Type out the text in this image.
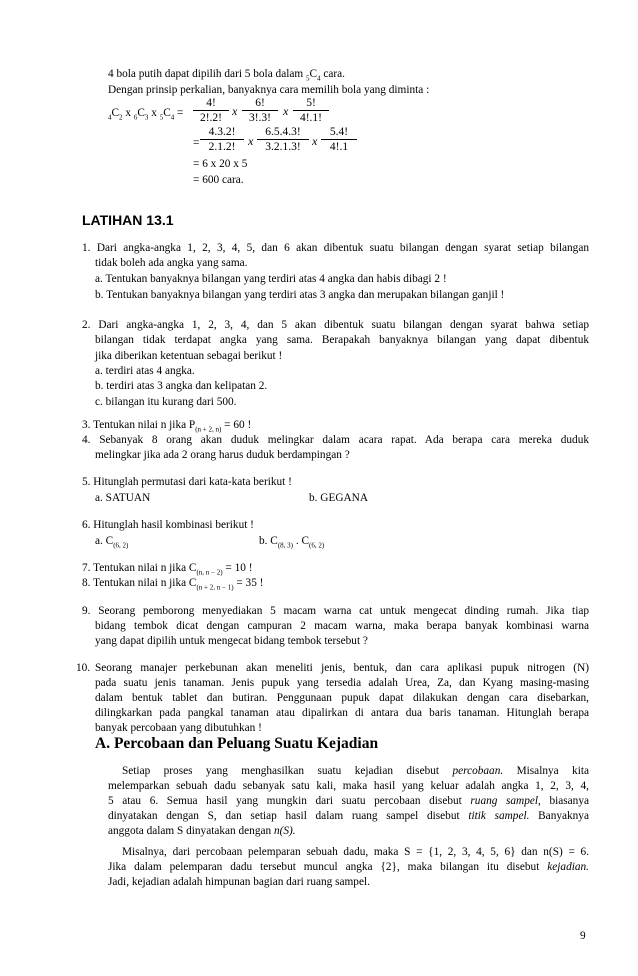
4 bola putih dapat dipilih dari 5 bola dalam $_5C_4$ cara.
Dengan prinsip perkalian, banyaknya cara memilih bola yang diminta :
$_4C_2$ x $_6C_3$ x $_5C_4 = \frac{4!}{2!.2!}$ x $\frac{6!}{3!.3!}$ x $\frac{5!}{4!.1!}$
= $\frac{4.3.2!}{2.1.2!}$ x $\frac{6.5.4.3!}{3.2.1.3!}$ x $\frac{5.4!}{4!.1}$
= 6 x 20 x 5
= 600 cara.
LATIHAN 13.1
1. Dari angka-angka 1, 2, 3, 4, 5, dan 6 akan dibentuk suatu bilangan dengan syarat setiap bilangan
tidak boleh ada angka yang sama.
a. Tentukan banyaknya bilangan yang terdiri atas 4 angka dan habis dibagi 2 !
b. Tentukan banyaknya bilangan yang terdiri atas 3 angka dan merupakan bilangan ganjil !
2. Dari angka-angka 1, 2, 3, 4, dan 5 akan dibentuk suatu bilangan dengan syarat bahwa setiap
bilangan tidak terdapat angka yang sama. Berapakah banyaknya bilangan yang dapat dibentuk
jika diberikan ketentuan sebagai berikut !
a. terdiri atas 4 angka.
b. terdiri atas 3 angka dan kelipatan 2.
c. bilangan itu kurang dari 500.
3. Tentukan nilai n jika $P_{(n + 2, n)} = 60$ !
4. Sebanyak 8 orang akan duduk melingkar dalam acara rapat. Ada berapa cara mereka duduk
melingkar jika ada 2 orang harus duduk berdampingan ?
5. Hitunglah permutasi dari kata-kata berikut !
a. SATUAN	b. GEGANA
6. Hitunglah hasil kombinasi berikut !
a. $C_{(6, 2)}$	b. $C_{(8, 3)}$ . $C_{(6, 2)}$
7. Tentukan nilai n jika $C_{(n, n - 2)} = 10$ !
8. Tentukan nilai n jika $C_{(n + 2, n - 1)} = 35$ !
9. Seorang pemborong menyediakan 5 macam warna cat untuk mengecat dinding rumah. Jika tiap
bidang tembok dicat dengan campuran 2 macam warna, maka berapa banyak kombinasi warna
yang dapat dipilih untuk mengecat bidang tembok tersebut ?
10. Seorang manajer perkebunan akan meneliti jenis, bentuk, dan cara aplikasi pupuk nitrogen (N)
pada suatu jenis tanaman. Jenis pupuk yang tersedia adalah Urea, Za, dan Kyang masing-masing
dalam bentuk tablet dan butiran. Penggunaan pupuk dapat dilakukan dengan cara disebarkan,
dilingkarkan pada pangkal tanaman atau dipalirkan di antara dua baris tanaman. Hitunglah berapa
banyak percobaan yang dibutuhkan !
A. Percobaan dan Peluang Suatu Kejadian
Setiap proses yang menghasilkan suatu kejadian disebut percobaan. Misalnya kita
melemparkan sebuah dadu sebanyak satu kali, maka hasil yang keluar adalah angka 1, 2, 3, 4,
5 atau 6. Semua hasil yang mungkin dari suatu percobaan disebut ruang sampel, biasanya
dinyatakan dengan S, dan setiap hasil dalam ruang sampel disebut titik sampel. Banyaknya
anggota dalam S dinyatakan dengan n(S).
Misalnya, dari percobaan pelemparan sebuah dadu, maka S = {1, 2, 3, 4, 5, 6} dan n(S) = 6.
Jika dalam pelemparan dadu tersebut muncul angka {2}, maka bilangan itu disebut kejadian.
Jadi, kejadian adalah himpunan bagian dari ruang sampel.
9
